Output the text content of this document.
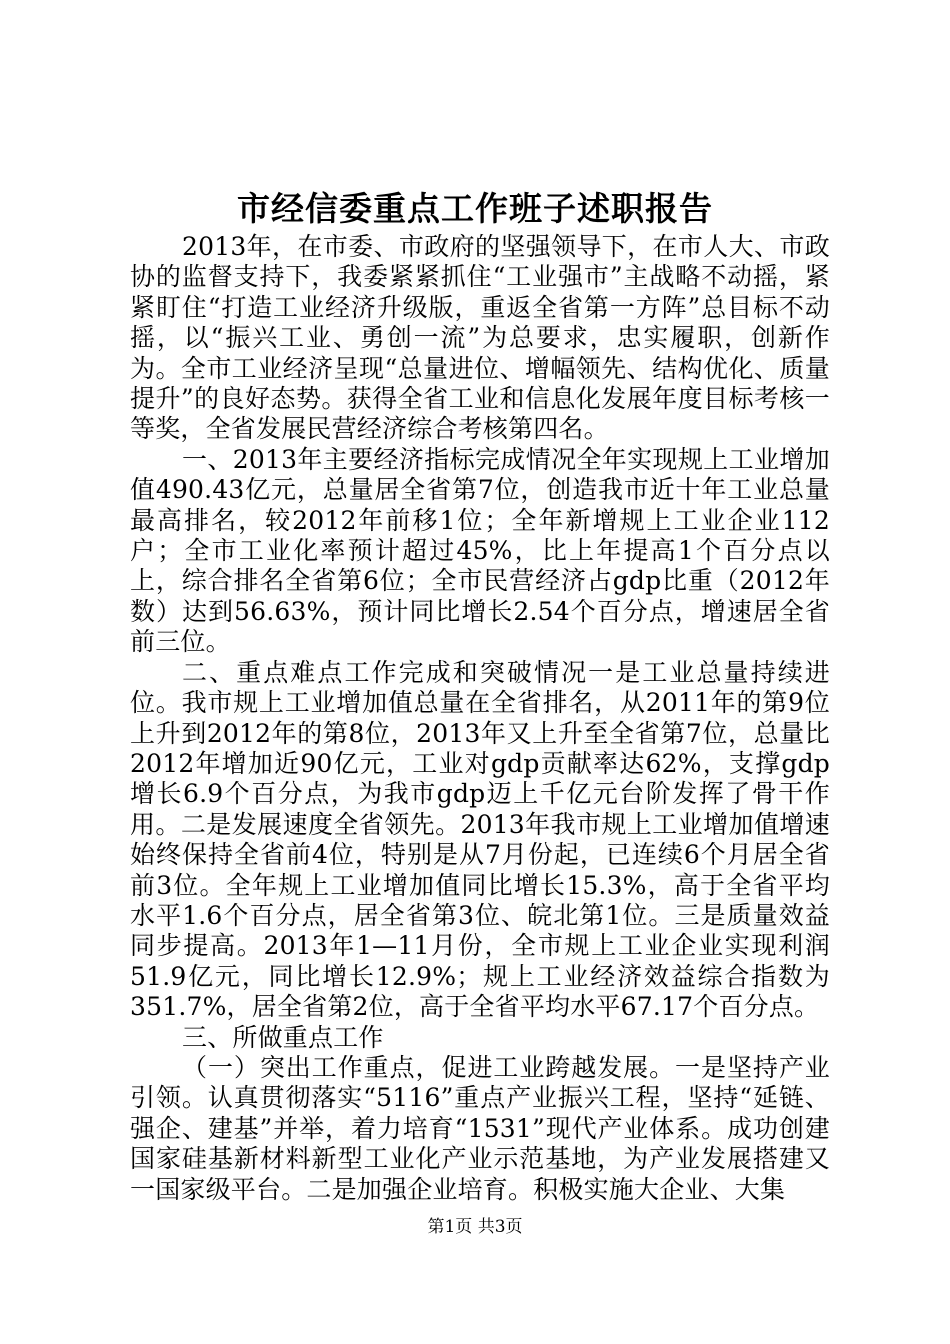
市经信委重点工作班子述职报告

2013年，在市委、市政府的坚强领导下，在市人大、市政协的监督支持下，我委紧紧抓住“工业强市”主战略不动摇，紧紧盯住“打造工业经济升级版，重返全省第一方阵”总目标不动摇，以“振兴工业、勇创一流”为总要求，忠实履职，创新作为。全市工业经济呈现“总量进位、增幅领先、结构优化、质量提升”的良好态势。获得全省工业和信息化发展年度目标考核一等奖，全省发展民营经济综合考核第四名。

一、2013年主要经济指标完成情况全年实现规上工业增加值490.43亿元，总量居全省第7位，创造我市近十年工业总量最高排名，较2012年前移1位；全年新增规上工业企业112户；全市工业化率预计超过45%，比上年提高1个百分点以上，综合排名全省第6位；全市民营经济占gdp比重（2012年数）达到56.63%，预计同比增长2.54个百分点，增速居全省前三位。

二、重点难点工作完成和突破情况一是工业总量持续进位。我市规上工业增加值总量在全省排名，从2011年的第9位上升到2012年的第8位，2013年又上升至全省第7位，总量比2012年增加近90亿元，工业对gdp贡献率达62%，支撑gdp增长6.9个百分点，为我市gdp迈上千亿元台阶发挥了骨干作用。二是发展速度全省领先。2013年我市规上工业增加值增速始终保持全省前4位，特别是从7月份起，已连续6个月居全省前3位。全年规上工业增加值同比增长15.3%，高于全省平均水平1.6个百分点，居全省第3位、皖北第1位。三是质量效益同步提高。2013年1—11月份，全市规上工业企业实现利润51.9亿元，同比增长12.9%；规上工业经济效益综合指数为351.7%，居全省第2位，高于全省平均水平67.17个百分点。

三、所做重点工作

（一）突出工作重点，促进工业跨越发展。一是坚持产业引领。认真贯彻落实“5116”重点产业振兴工程，坚持“延链、强企、建基”并举，着力培育“1531”现代产业体系。成功创建国家硅基新材料新型工业化产业示范基地，为产业发展搭建又一国家级平台。二是加强企业培育。积极实施大企业、大集

第1页 共3页
